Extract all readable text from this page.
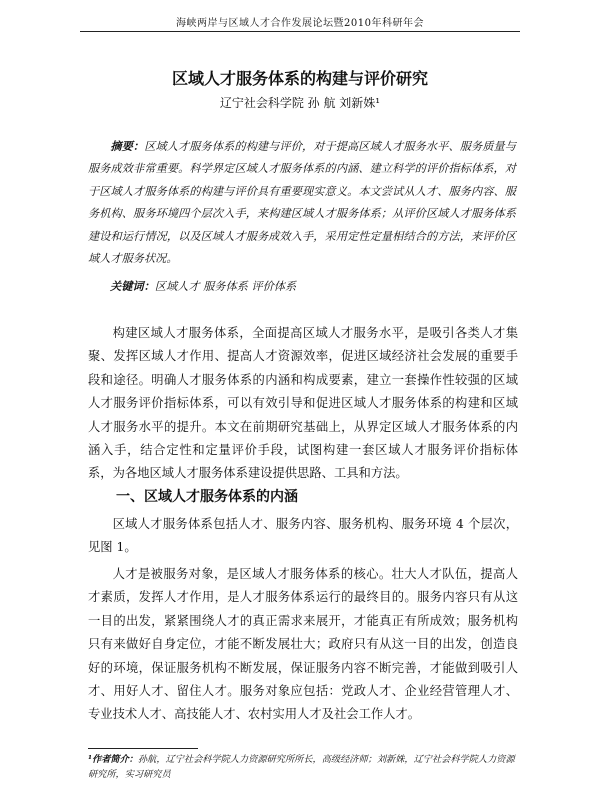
海峡两岸与区域人才合作发展论坛暨2010年科研年会
区域人才服务体系的构建与评价研究
辽宁社会科学院 孙 航 刘新姝¹
摘要：区域人才服务体系的构建与评价，对于提高区域人才服务水平、服务质量与服务成效非常重要。科学界定区域人才服务体系的内涵、建立科学的评价指标体系，对于区域人才服务体系的构建与评价具有重要现实意义。本文尝试从人才、服务内容、服务机构、服务环境四个层次入手，来构建区域人才服务体系；从评价区域人才服务体系建设和运行情况，以及区域人才服务成效入手，采用定性定量相结合的方法，来评价区域人才服务状况。
关键词：区域人才 服务体系 评价体系
构建区域人才服务体系，全面提高区域人才服务水平，是吸引各类人才集聚、发挥区域人才作用、提高人才资源效率，促进区域经济社会发展的重要手段和途径。明确人才服务体系的内涵和构成要素，建立一套操作性较强的区域人才服务评价指标体系，可以有效引导和促进区域人才服务体系的构建和区域人才服务水平的提升。本文在前期研究基础上，从界定区域人才服务体系的内涵入手，结合定性和定量评价手段，试图构建一套区域人才服务评价指标体系，为各地区域人才服务体系建设提供思路、工具和方法。
一、区域人才服务体系的内涵
区域人才服务体系包括人才、服务内容、服务机构、服务环境 4 个层次，见图 1。
人才是被服务对象，是区域人才服务体系的核心。壮大人才队伍，提高人才素质，发挥人才作用，是人才服务体系运行的最终目的。服务内容只有从这一目的出发，紧紧围绕人才的真正需求来展开，才能真正有所成效；服务机构只有来做好自身定位，才能不断发展壮大；政府只有从这一目的出发，创造良好的环境，保证服务机构不断发展，保证服务内容不断完善，才能做到吸引人才、用好人才、留住人才。服务对象应包括：党政人才、企业经营管理人才、专业技术人才、高技能人才、农村实用人才及社会工作人才。
¹作者简介：孙航，辽宁社会科学院人力资源研究所所长，高级经济师；刘新姝，辽宁社会科学院人力资源研究所，实习研究员
